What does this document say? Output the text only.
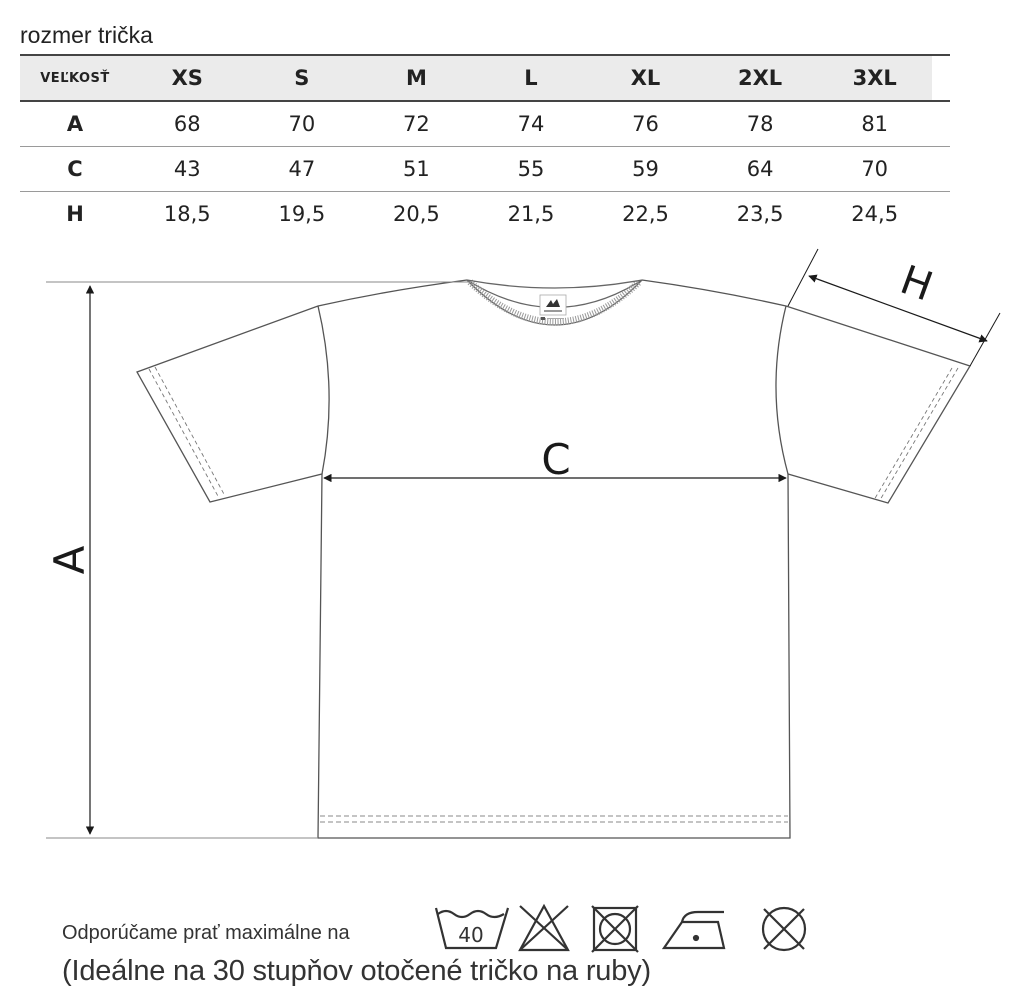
rozmer trička
VEĽKOSŤ	XS	S	M	L	XL	2XL	3XL	
A	68	70	72	74	76	78	81	
C	43	47	51	55	59	64	70	
H	18,5	19,5	20,5	21,5	22,5	23,5	24,5	
A
C
H
Odporúčame prať maximálne na
(Ideálne na 30 stupňov otočené tričko na ruby)
40
